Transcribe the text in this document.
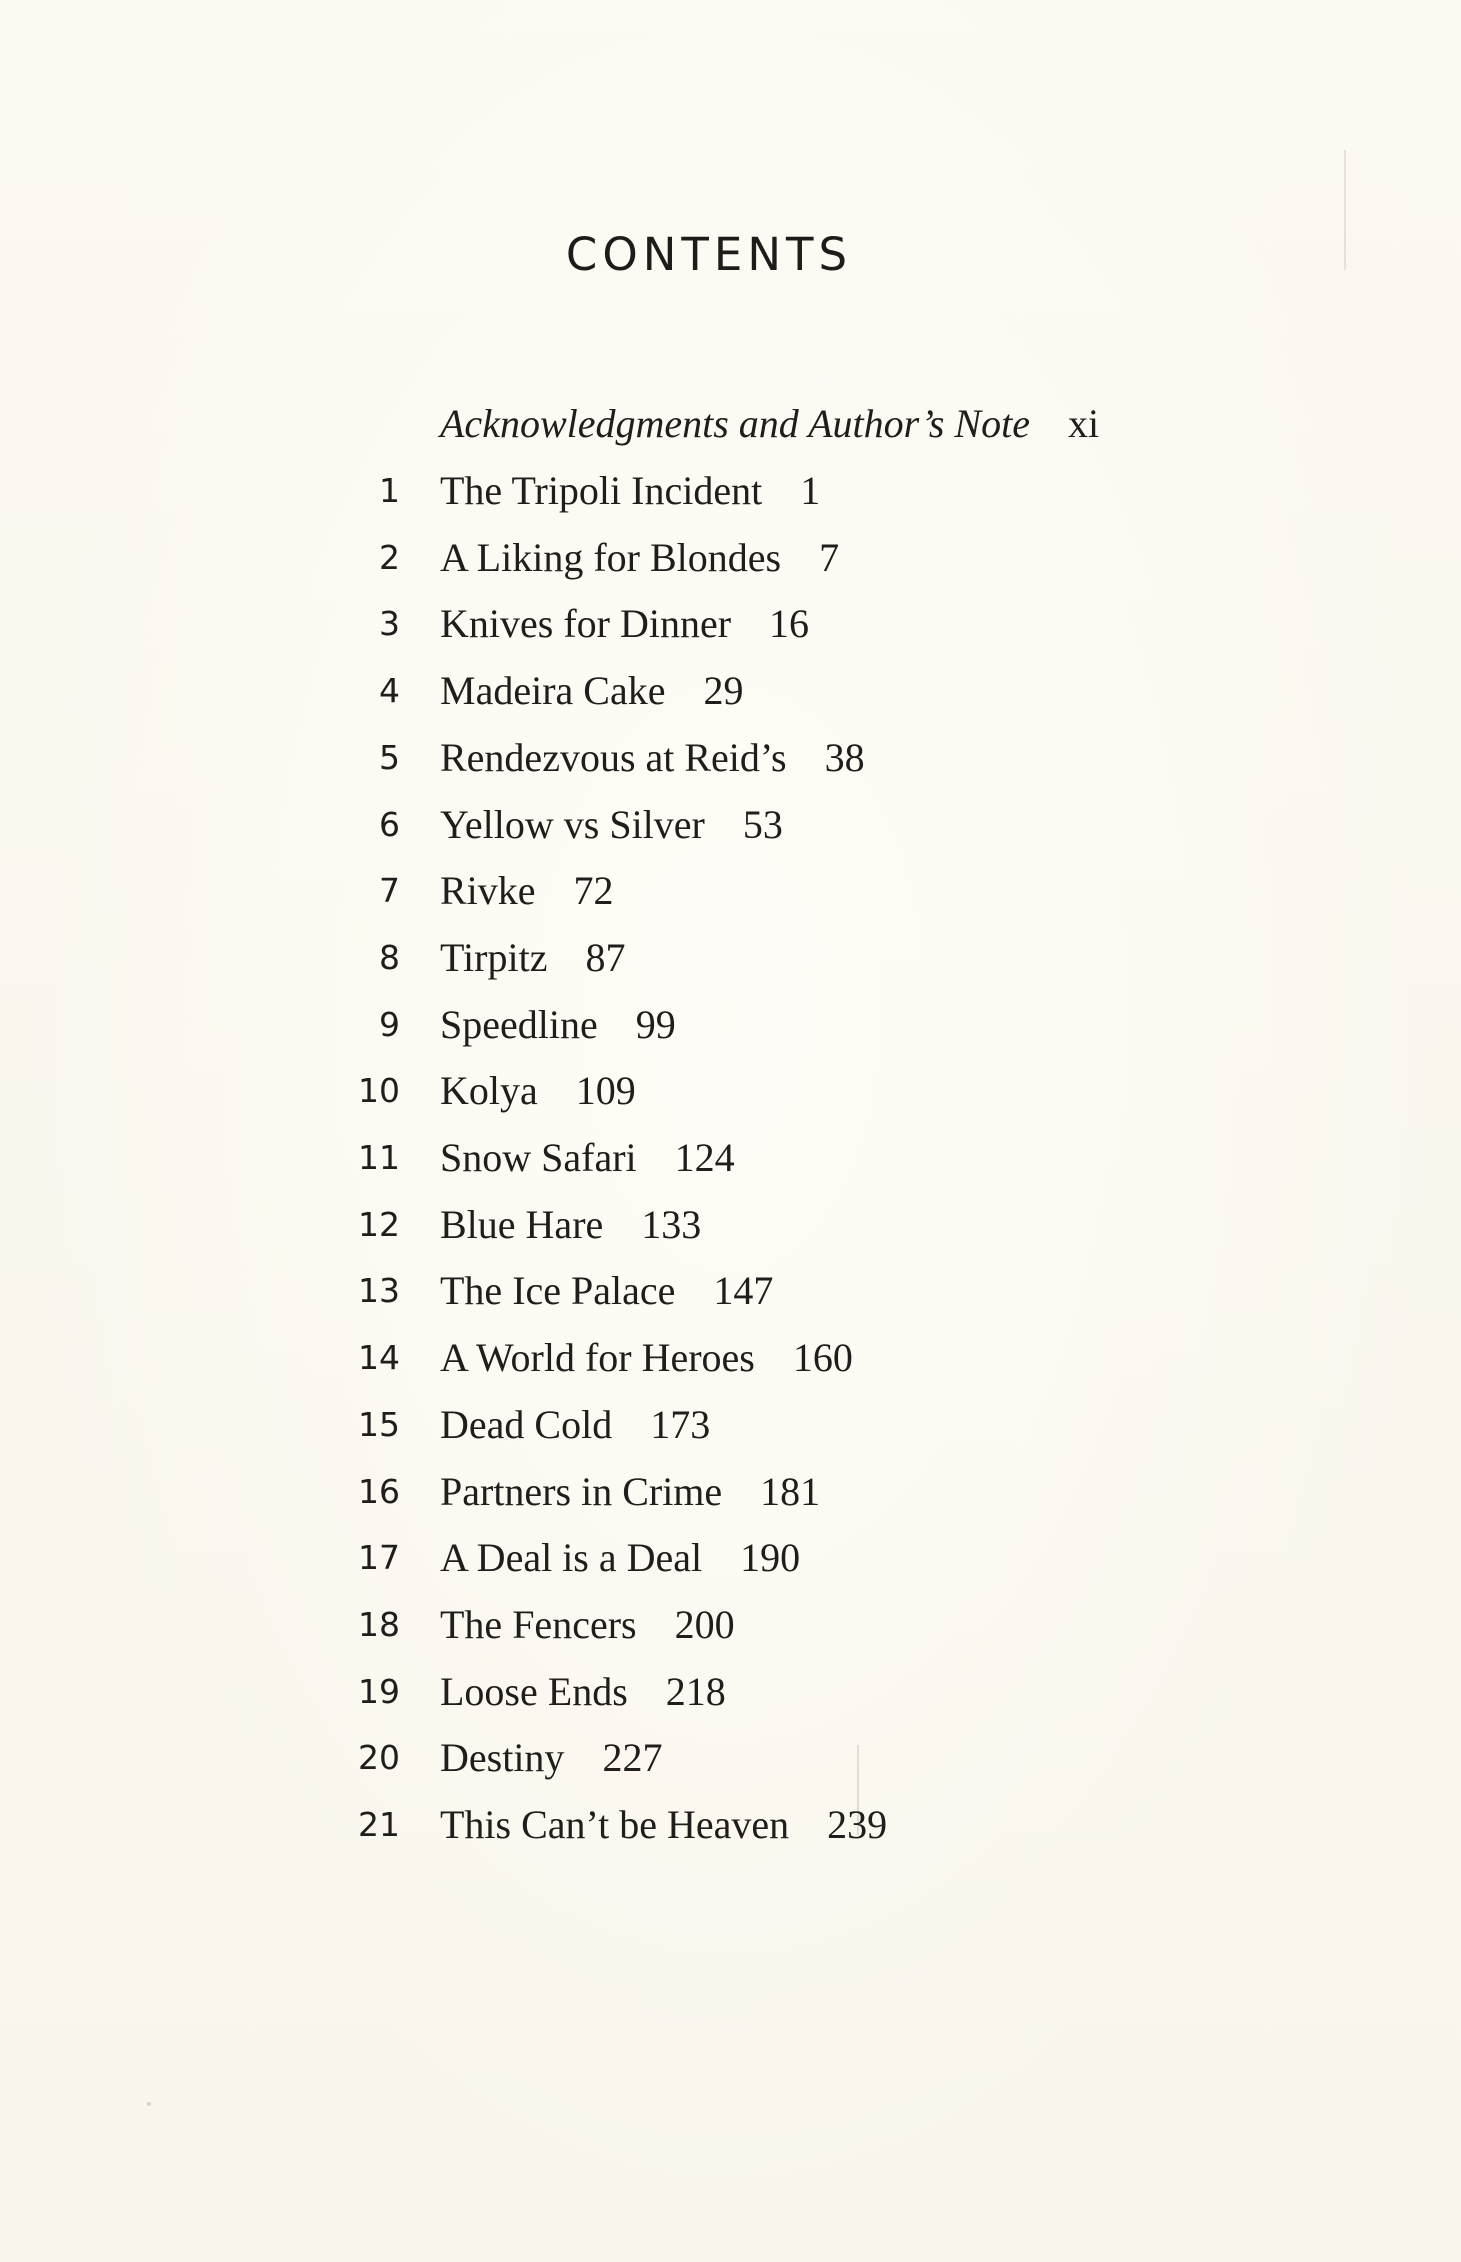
CONTENTS
Acknowledgments and Author’s Note xi
1 The Tripoli Incident 1
2 A Liking for Blondes 7
3 Knives for Dinner 16
4 Madeira Cake 29
5 Rendezvous at Reid’s 38
6 Yellow vs Silver 53
7 Rivke 72
8 Tirpitz 87
9 Speedline 99
10 Kolya 109
11 Snow Safari 124
12 Blue Hare 133
13 The Ice Palace 147
14 A World for Heroes 160
15 Dead Cold 173
16 Partners in Crime 181
17 A Deal is a Deal 190
18 The Fencers 200
19 Loose Ends 218
20 Destiny 227
21 This Can’t be Heaven 239
